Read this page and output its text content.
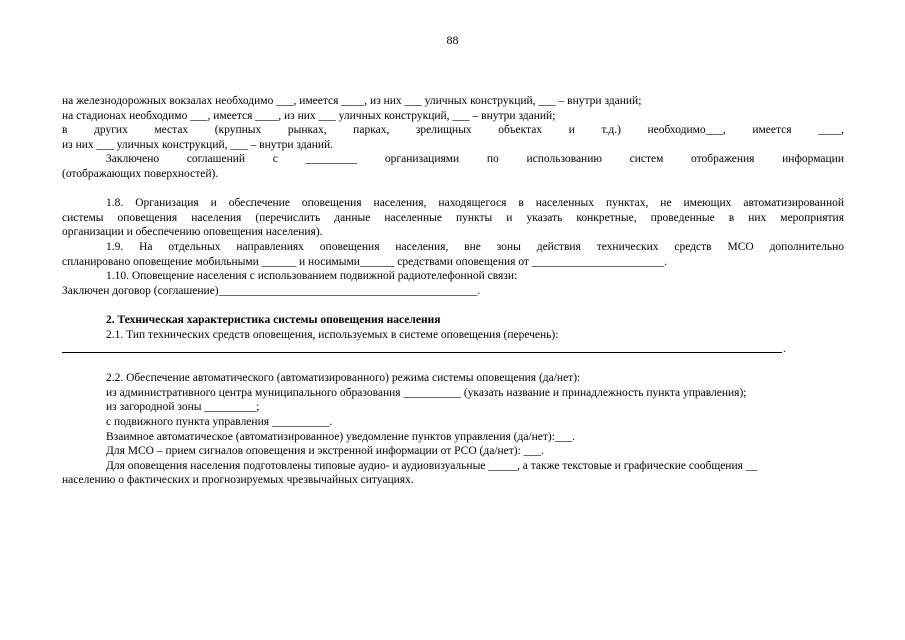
88
на железнодорожных вокзалах необходимо ___, имеется ____, из них ___ уличных конструкций, ___ – внутри зданий;
на стадионах необходимо ___, имеется ____, из них ___ уличных конструкций, ___ – внутри зданий;
в других местах (крупных рынках, парках, зрелищных объектах и т.д.) необходимо___, имеется ____,
из них ___ уличных конструкций, ___ – внутри зданий.
Заключено соглашений с _________ организациями по использованию систем отображения информации
(отображающих поверхностей).
1.8. Организация и обеспечение оповещения населения, находящегося в населенных пунктах, не имеющих автоматизированной
системы оповещения населения (перечислить данные населенные пункты и указать конкретные, проведенные в них мероприятия
организации и обеспечению оповещения населения).
1.9. На отдельных направлениях оповещения населения, вне зоны действия технических средств МСО дополнительно
спланировано оповещение мобильными ______ и носимыми______ средствами оповещения от _______________________.
1.10. Оповещение населения с использованием подвижной радиотелефонной связи:
Заключен договор (соглашение)_____________________________________________.
2. Техническая характеристика системы оповещения населения
2.1. Тип технических средств оповещения, используемых в системе оповещения (перечень):
.
2.2. Обеспечение автоматического (автоматизированного) режима системы оповещения (да/нет):
из административного центра муниципального образования __________ (указать название и принадлежность пункта управления);
из загородной зоны _________;
с подвижного пункта управления __________.
Взаимное автоматическое (автоматизированное) уведомление пунктов управления (да/нет):___.
Для МСО – прием сигналов оповещения и экстренной информации от РСО (да/нет): ___.
Для оповещения населения подготовлены типовые аудио- и аудиовизуальные _____, а также текстовые и графические сообщения __
населению о фактических и прогнозируемых чрезвычайных ситуациях.
